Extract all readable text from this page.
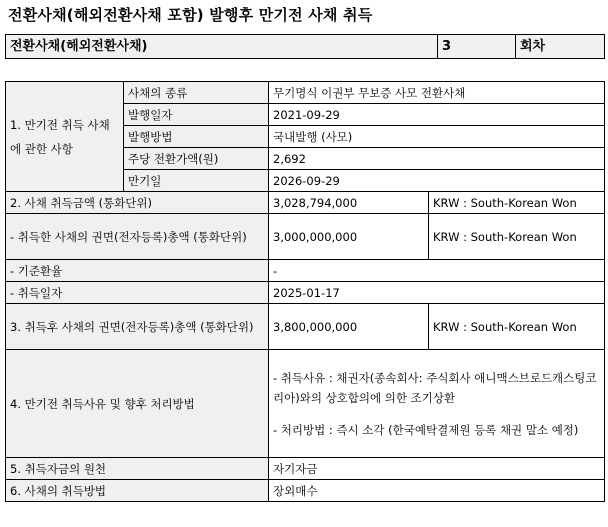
전환사채(해외전환사채 포함) 발행후 만기전 사채 취득
전환사채(해외전환사채)	3	회차
1. 만기전 취득 사채에 관한 사항	사채의 종류	무기명식 이권부 무보증 사모 전환사채	
	발행일자	2021-09-29	
	발행방법	국내발행 (사모)	
	주당 전환가액(원)	2,692	
	만기일	2026-09-29	
2. 사채 취득금액 (통화단위)		3,028,794,000	KRW : South-Korean Won
- 취득한 사채의 권면(전자등록)총액 (통화단위)		3,000,000,000	KRW : South-Korean Won
- 기준환율		-	
- 취득일자		2025-01-17	
3. 취득후 사채의 권면(전자등록)총액 (통화단위)		3,800,000,000	KRW : South-Korean Won
4. 만기전 취득사유 및 향후 처리방법		- 취득사유 : 채권자(종속회사: 주식회사 애니맥스브로드캐스팅코리아)와의 상호합의에 의한 조기상환
- 처리방법 : 즉시 소각 (한국예탁결제원 등록 채권 말소 예정)	

5. 취득자금의 원천		자기자금	
6. 사채의 취득방법		장외매수	
